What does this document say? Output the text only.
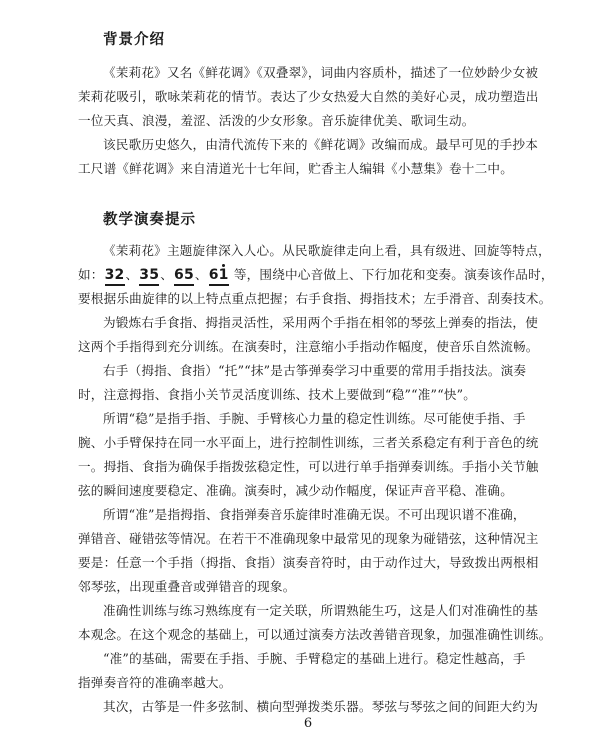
背景介绍
《茉莉花》又名《鲜花调》《双叠翠》，词曲内容质朴，描述了一位妙龄少女被
茉莉花吸引，歌咏茉莉花的情节。表达了少女热爱大自然的美好心灵，成功塑造出
一位天真、浪漫，羞涩、活泼的少女形象。音乐旋律优美、歌词生动。
该民歌历史悠久，由清代流传下来的《鲜花调》改编而成。最早可见的手抄本
工尺谱《鲜花调》来自清道光十七年间，贮香主人编辑《小慧集》卷十二中。
教学演奏提示
《茉莉花》主题旋律深入人心。从民歌旋律走向上看，具有级进、回旋等特点，
如：32
、35
、65
、61
等，围绕中心音做上、下行加花和变奏。演奏该作品时，
要根据乐曲旋律的以上特点重点把握；右手食指、拇指技术；左手滑音、刮奏技术。
为锻炼右手食指、拇指灵活性，采用两个手指在相邻的琴弦上弹奏的指法，使
这两个手指得到充分训练。在演奏时，注意缩小手指动作幅度，使音乐自然流畅。
右手（拇指、食指）“托”“抹”是古筝弹奏学习中重要的常用手指技法。演奏
时，注意拇指、食指小关节灵活度训练、技术上要做到“稳”“准”“快”。
所谓“稳”是指手指、手腕、手臂核心力量的稳定性训练。尽可能使手指、手
腕、小手臂保持在同一水平面上，进行控制性训练，三者关系稳定有利于音色的统
一。拇指、食指为确保手指拨弦稳定性，可以进行单手指弹奏训练。手指小关节触
弦的瞬间速度要稳定、准确。演奏时，减少动作幅度，保证声音平稳、准确。
所谓“准”是指拇指、食指弹奏音乐旋律时准确无误。不可出现识谱不准确，
弹错音、碰错弦等情况。在若干不准确现象中最常见的现象为碰错弦，这种情况主
要是：任意一个手指（拇指、食指）演奏音符时，由于动作过大，导致拨出两根相
邻琴弦，出现重叠音或弹错音的现象。
准确性训练与练习熟练度有一定关联，所谓熟能生巧，这是人们对准确性的基
本观念。在这个观念的基础上，可以通过演奏方法改善错音现象，加强准确性训练。
“准”的基础，需要在手指、手腕、手臂稳定的基础上进行。稳定性越高，手
指弹奏音符的准确率越大。
其次，古筝是一件多弦制、横向型弹拨类乐器。琴弦与琴弦之间的间距大约为
6
